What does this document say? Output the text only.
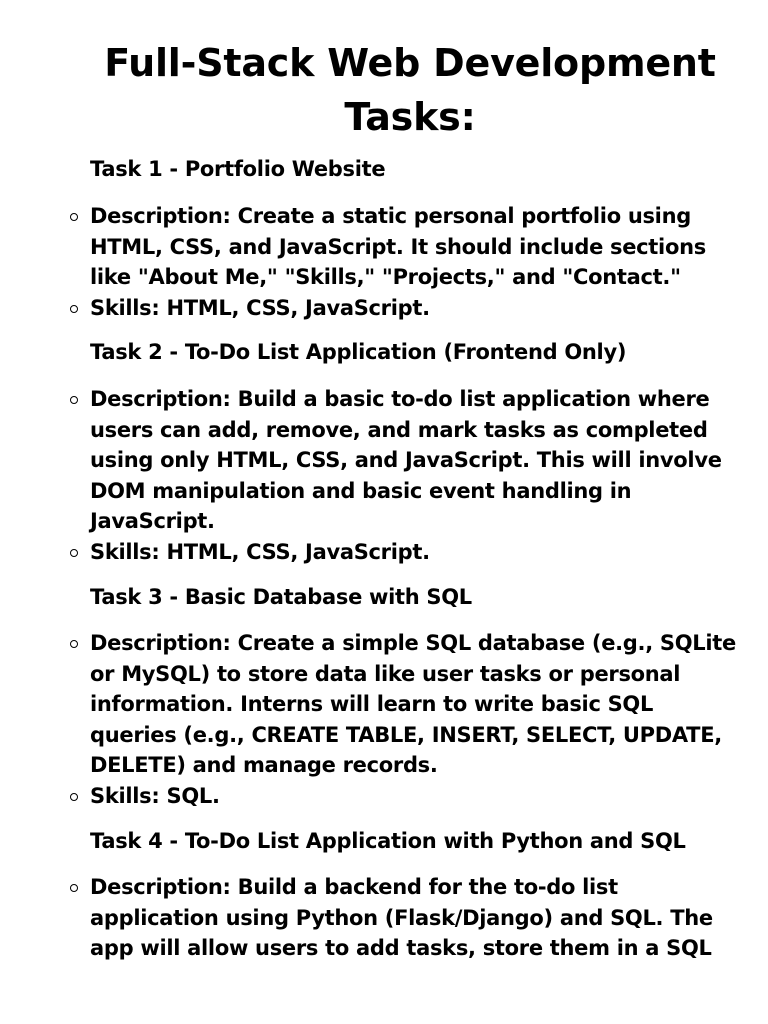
Full-Stack Web Development
Tasks:

Task 1 - Portfolio Website

Description: Create a static personal portfolio using HTML, CSS, and JavaScript. It should include sections like "About Me," "Skills," "Projects," and "Contact."
Skills: HTML, CSS, JavaScript.

Task 2 - To-Do List Application (Frontend Only)

Description: Build a basic to-do list application where users can add, remove, and mark tasks as completed using only HTML, CSS, and JavaScript. This will involve DOM manipulation and basic event handling in JavaScript.
Skills: HTML, CSS, JavaScript.

Task 3 - Basic Database with SQL

Description: Create a simple SQL database (e.g., SQLite or MySQL) to store data like user tasks or personal information. Interns will learn to write basic SQL queries (e.g., CREATE TABLE, INSERT, SELECT, UPDATE, DELETE) and manage records.
Skills: SQL.

Task 4 - To-Do List Application with Python and SQL

Description: Build a backend for the to-do list application using Python (Flask/Django) and SQL. The app will allow users to add tasks, store them in a SQL
